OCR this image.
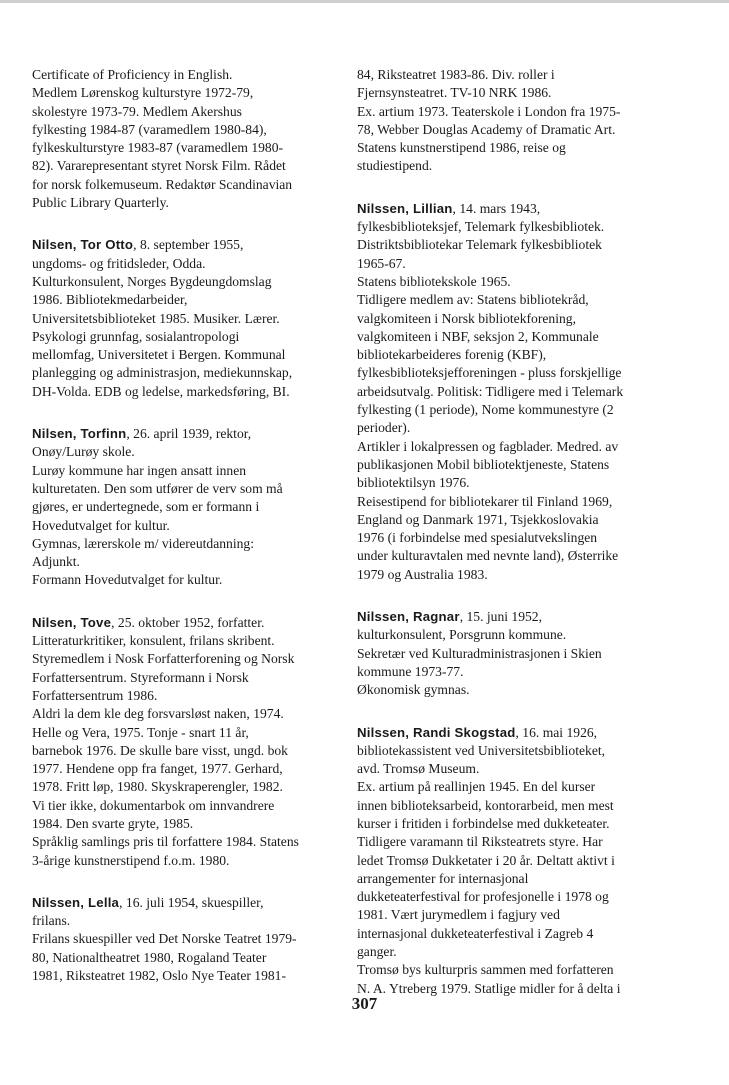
Certificate of Proficiency in English.

Medlem Lørenskog kulturstyre 1972-79,

skolestyre 1973-79. Medlem Akershus

fylkesting 1984-87 (varamedlem 1980-84),

fylkeskulturstyre 1983-87 (varamedlem 1980-

82). Vararepresentant styret Norsk Film. Rådet

for norsk folkemuseum. Redaktør Scandinavian

Public Library Quarterly.

Nilsen, Tor Otto, 8. september 1955,

ungdoms- og fritidsleder, Odda.

Kulturkonsulent, Norges Bygdeungdomslag

1986. Bibliotekmedarbeider,

Universitetsbiblioteket 1985. Musiker. Lærer.

Psykologi grunnfag, sosialantropologi

mellomfag, Universitetet i Bergen. Kommunal

planlegging og administrasjon, mediekunnskap,

DH-Volda. EDB og ledelse, markedsføring, BI.

Nilsen, Torfinn, 26. april 1939, rektor,

Onøy/Lurøy skole.

Lurøy kommune har ingen ansatt innen

kulturetaten. Den som utfører de verv som må

gjøres, er undertegnede, som er formann i

Hovedutvalget for kultur.

Gymnas, lærerskole m/ videreutdanning:

Adjunkt.

Formann Hovedutvalget for kultur.

Nilsen, Tove, 25. oktober 1952, forfatter.

Litteraturkritiker, konsulent, frilans skribent.

Styremedlem i Nosk Forfatterforening og Norsk

Forfattersentrum. Styreformann i Norsk

Forfattersentrum 1986.

Aldri la dem kle deg forsvarsløst naken, 1974.

Helle og Vera, 1975. Tonje - snart 11 år,

barnebok 1976. De skulle bare visst, ungd. bok

1977. Hendene opp fra fanget, 1977. Gerhard,

1978. Fritt løp, 1980. Skyskraperengler, 1982.

Vi tier ikke, dokumentarbok om innvandrere

1984. Den svarte gryte, 1985.

Språklig samlings pris til forfattere 1984. Statens

3-årige kunstnerstipend f.o.m. 1980.

Nilssen, Lella, 16. juli 1954, skuespiller,

frilans.

Frilans skuespiller ved Det Norske Teatret 1979-

80, Nationaltheatret 1980, Rogaland Teater

1981, Riksteatret 1982, Oslo Nye Teater 1981-

84, Riksteatret 1983-86. Div. roller i

Fjernsynsteatret. TV-10 NRK 1986.

Ex. artium 1973. Teaterskole i London fra 1975-

78, Webber Douglas Academy of Dramatic Art.

Statens kunstnerstipend 1986, reise og

studiestipend.

Nilssen, Lillian, 14. mars 1943,

fylkesbiblioteksjef, Telemark fylkesbibliotek.

Distriktsbibliotekar Telemark fylkesbibliotek

1965-67.

Statens bibliotekskole 1965.

Tidligere medlem av: Statens bibliotekråd,

valgkomiteen i Norsk bibliotekforening,

valgkomiteen i NBF, seksjon 2, Kommunale

bibliotekarbeideres forenig (KBF),

fylkesbiblioteksjefforeningen - pluss forskjellige

arbeidsutvalg. Politisk: Tidligere med i Telemark

fylkesting (1 periode), Nome kommunestyre (2

perioder).

Artikler i lokalpressen og fagblader. Medred. av

publikasjonen Mobil bibliotektjeneste, Statens

bibliotektilsyn 1976.

Reisestipend for bibliotekarer til Finland 1969,

England og Danmark 1971, Tsjekkoslovakia

1976 (i forbindelse med spesialutvekslingen

under kulturavtalen med nevnte land), Østerrike

1979 og Australia 1983.

Nilssen, Ragnar, 15. juni 1952,

kulturkonsulent, Porsgrunn kommune.

Sekretær ved Kulturadministrasjonen i Skien

kommune 1973-77.

Økonomisk gymnas.

Nilssen, Randi Skogstad, 16. mai 1926,

bibliotekassistent ved Universitetsbiblioteket,

avd. Tromsø Museum.

Ex. artium på reallinjen 1945. En del kurser

innen biblioteksarbeid, kontorarbeid, men mest

kurser i fritiden i forbindelse med dukketeater.

Tidligere varamann til Riksteatrets styre. Har

ledet Tromsø Dukketater i 20 år. Deltatt aktivt i

arrangementer for internasjonal

dukketeaterfestival for profesjonelle i 1978 og

1981. Vært jurymedlem i fagjury ved

internasjonal dukketeaterfestival i Zagreb 4

ganger.

Tromsø bys kulturpris sammen med forfatteren

N. A. Ytreberg 1979. Statlige midler for å delta i

307
